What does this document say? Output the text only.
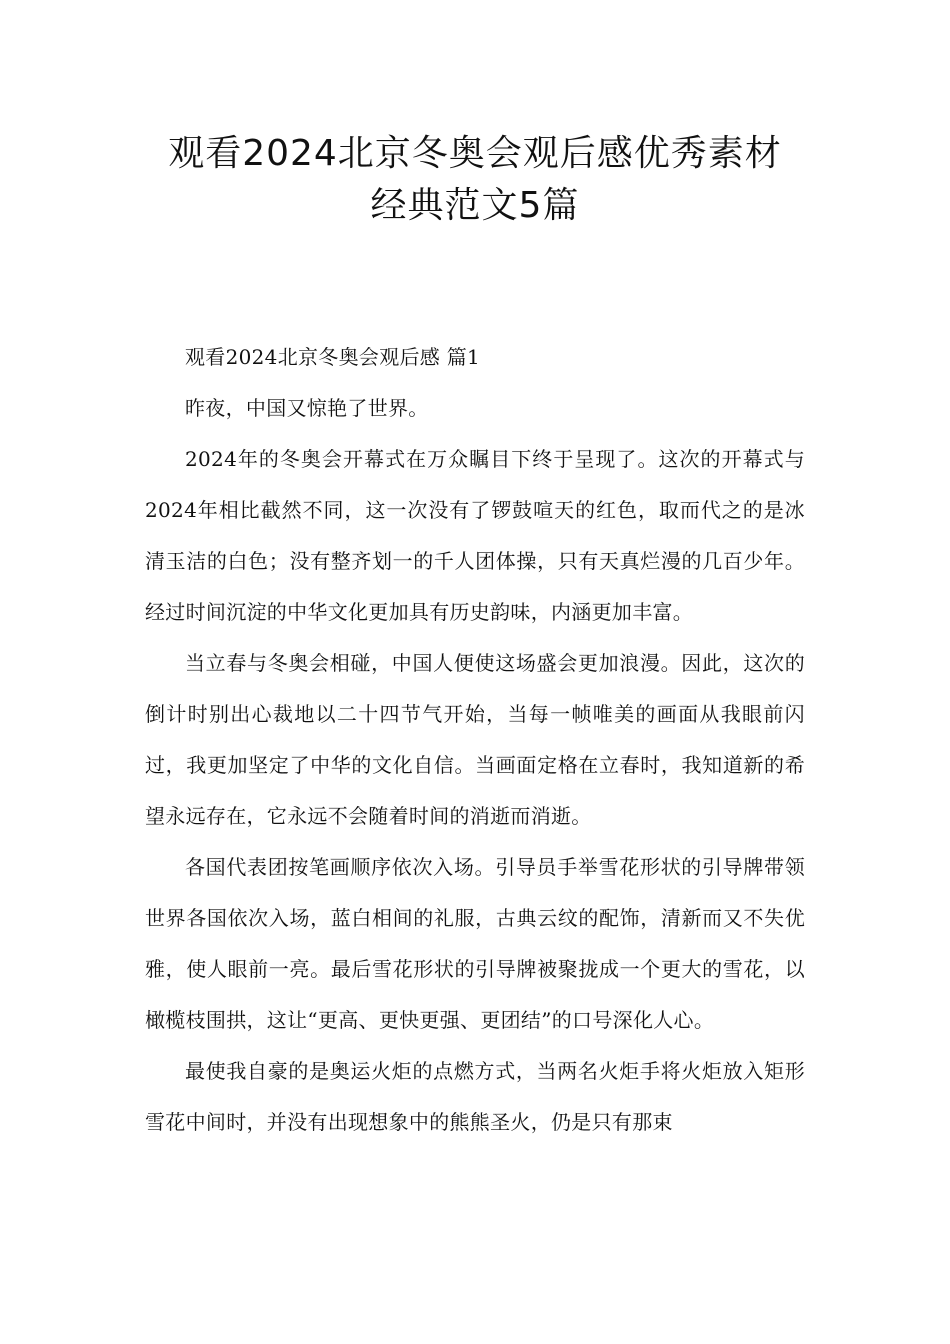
观看2024北京冬奥会观后感优秀素材
经典范文5篇

观看2024北京冬奥会观后感 篇1

昨夜，中国又惊艳了世界。

2024年的冬奥会开幕式在万众瞩目下终于呈现了。这次的开幕式与2024年相比截然不同，这一次没有了锣鼓喧天的红色，取而代之的是冰清玉洁的白色；没有整齐划一的千人团体操，只有天真烂漫的几百少年。经过时间沉淀的中华文化更加具有历史韵味，内涵更加丰富。

当立春与冬奥会相碰，中国人便使这场盛会更加浪漫。因此，这次的倒计时别出心裁地以二十四节气开始，当每一帧唯美的画面从我眼前闪过，我更加坚定了中华的文化自信。当画面定格在立春时，我知道新的希望永远存在，它永远不会随着时间的消逝而消逝。

各国代表团按笔画顺序依次入场。引导员手举雪花形状的引导牌带领世界各国依次入场，蓝白相间的礼服，古典云纹的配饰，清新而又不失优雅，使人眼前一亮。最后雪花形状的引导牌被聚拢成一个更大的雪花，以橄榄枝围拱，这让“更高、更快更强、更团结”的口号深化人心。

最使我自豪的是奥运火炬的点燃方式，当两名火炬手将火炬放入矩形雪花中间时，并没有出现想象中的熊熊圣火，仍是只有那束
